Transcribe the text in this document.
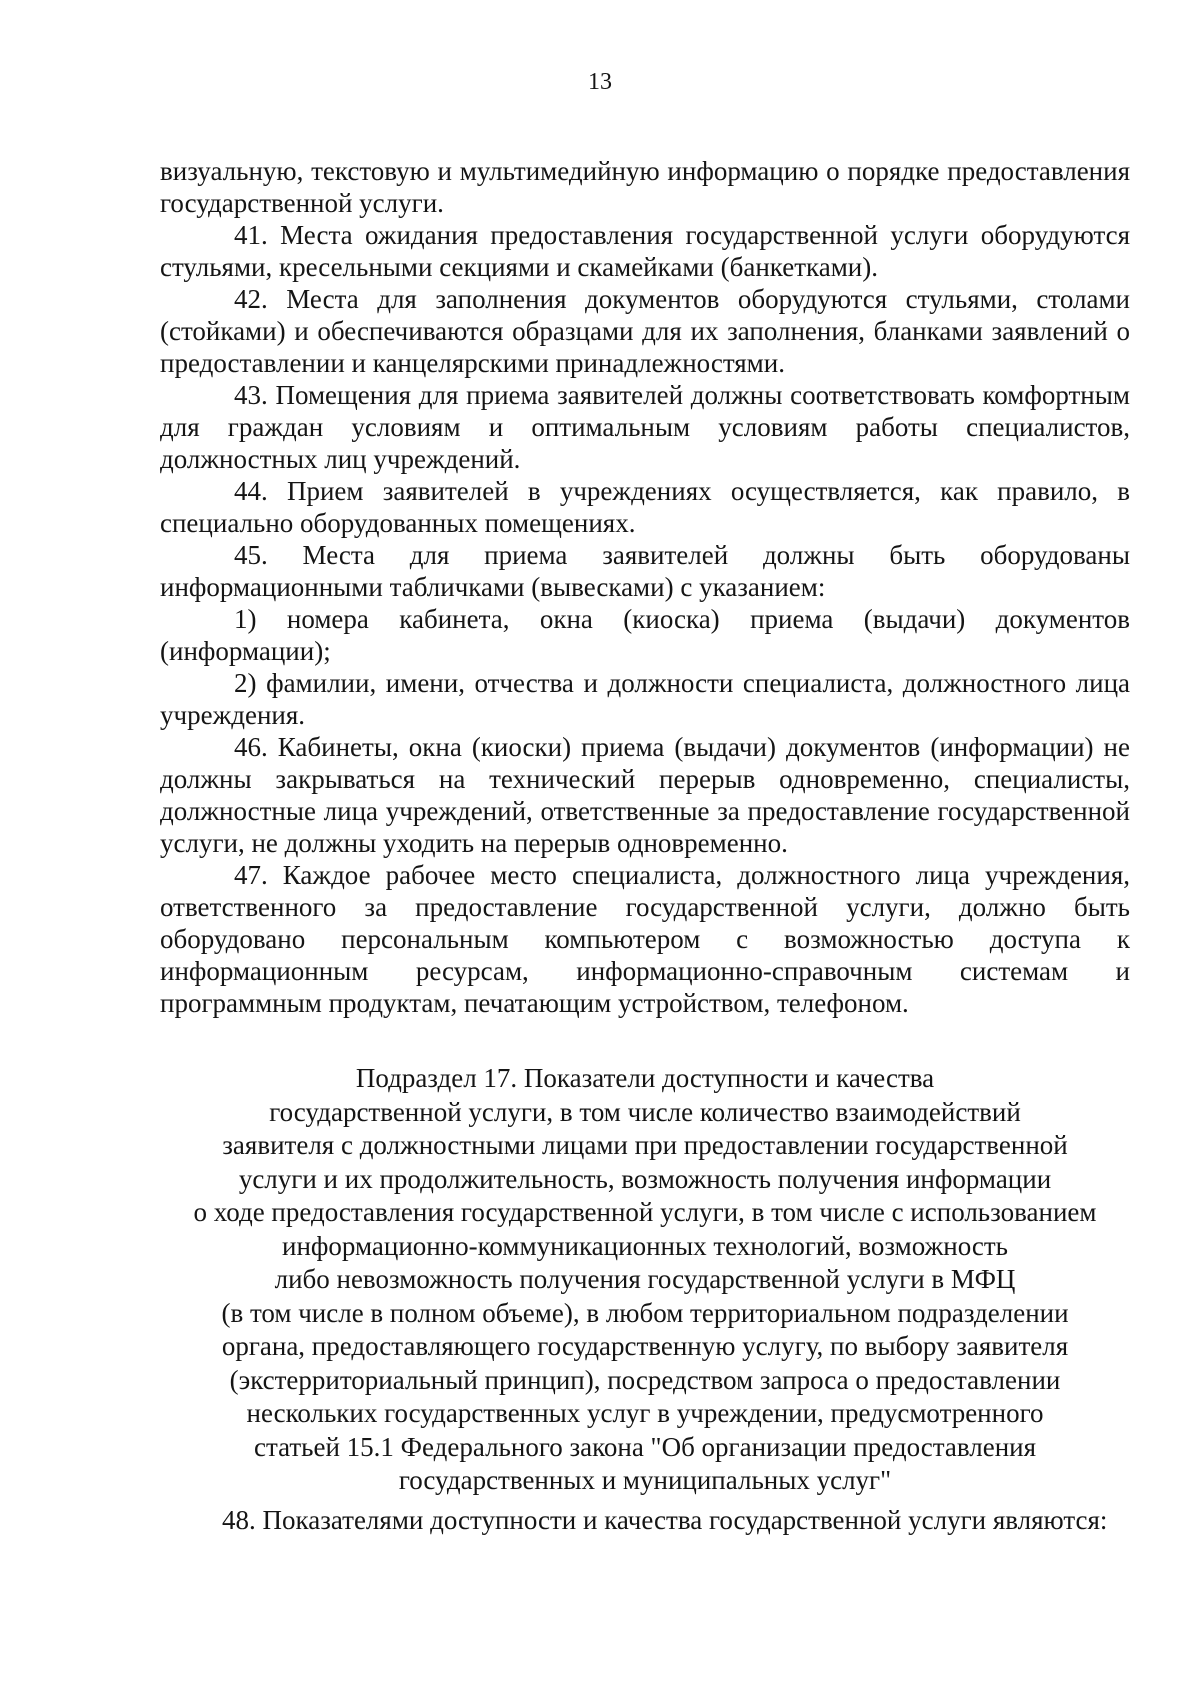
13

визуальную, текстовую и мультимедийную информацию о порядке предоставления государственной услуги.

41. Места ожидания предоставления государственной услуги оборудуются стульями, кресельными секциями и скамейками (банкетками).

42. Места для заполнения документов оборудуются стульями, столами (стойками) и обеспечиваются образцами для их заполнения, бланками заявлений о предоставлении и канцелярскими принадлежностями.

43. Помещения для приема заявителей должны соответствовать комфортным для граждан условиям и оптимальным условиям работы специалистов, должностных лиц учреждений.

44. Прием заявителей в учреждениях осуществляется, как правило, в специально оборудованных помещениях.

45. Места для приема заявителей должны быть оборудованы информационными табличками (вывесками) с указанием:

1) номера кабинета, окна (киоска) приема (выдачи) документов (информации);

2) фамилии, имени, отчества и должности специалиста, должностного лица учреждения.

46. Кабинеты, окна (киоски) приема (выдачи) документов (информации) не должны закрываться на технический перерыв одновременно, специалисты, должностные лица учреждений, ответственные за предоставление государственной услуги, не должны уходить на перерыв одновременно.

47. Каждое рабочее место специалиста, должностного лица учреждения, ответственного за предоставление государственной услуги, должно быть оборудовано персональным компьютером с возможностью доступа к информационным ресурсам, информационно-справочным системам и программным продуктам, печатающим устройством, телефоном.

Подраздел 17. Показатели доступности и качества
государственной услуги, в том числе количество взаимодействий
заявителя с должностными лицами при предоставлении государственной
услуги и их продолжительность, возможность получения информации
о ходе предоставления государственной услуги, в том числе с использованием
информационно-коммуникационных технологий, возможность
либо невозможность получения государственной услуги в МФЦ
(в том числе в полном объеме), в любом территориальном подразделении
органа, предоставляющего государственную услугу, по выбору заявителя
(экстерриториальный принцип), посредством запроса о предоставлении
нескольких государственных услуг в учреждении, предусмотренного
статьей 15.1 Федерального закона "Об организации предоставления
государственных и муниципальных услуг"

48. Показателями доступности и качества государственной услуги являются:
